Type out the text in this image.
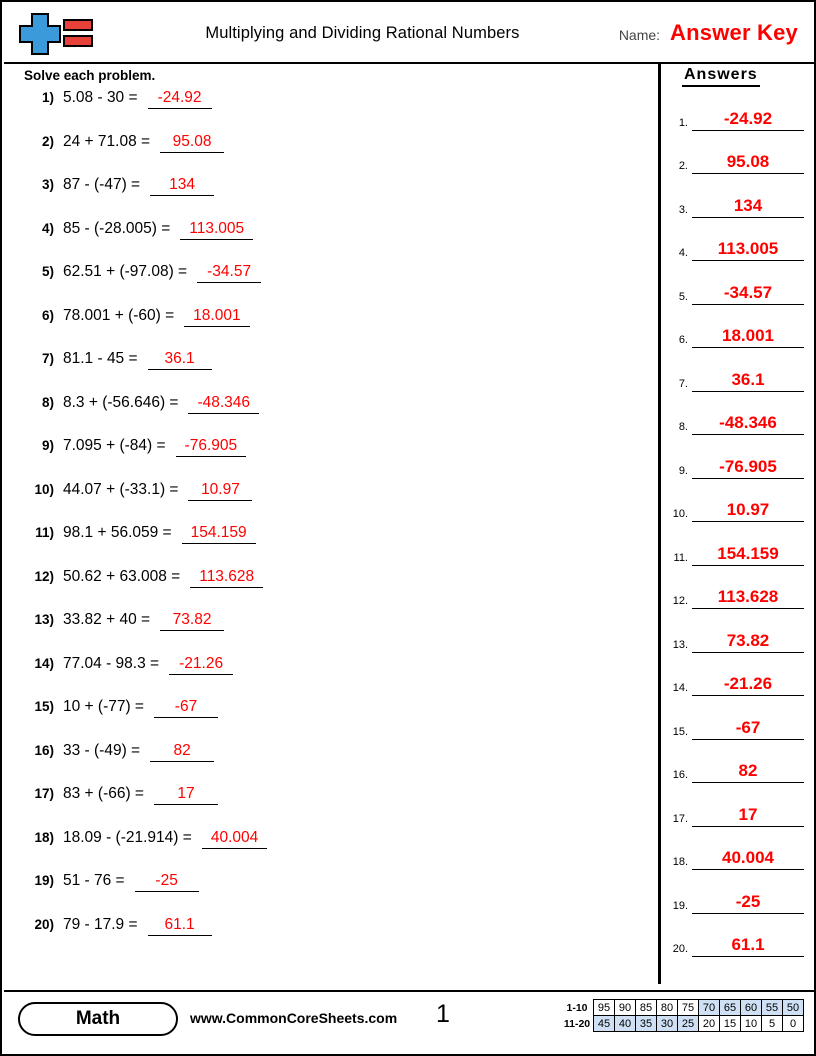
Multiplying and Dividing Rational Numbers	Name: Answer Key
Solve each problem.
1) 5.08 - 30 =	-24.92
2) 24 + 71.08 =	95.08
3) 87 - (-47) =	134
4) 85 - (-28.005) =	113.005
5) 62.51 + (-97.08) =	-34.57
6) 78.001 + (-60) =	18.001
7) 81.1 - 45 =	36.1
8) 8.3 + (-56.646) =	-48.346
9) 7.095 + (-84) =	-76.905
10) 44.07 + (-33.1) =	10.97
11) 98.1 + 56.059 =	154.159
12) 50.62 + 63.008 =	113.628
13) 33.82 + 40 =	73.82
14) 77.04 - 98.3 =	-21.26
15) 10 + (-77) =	-67
16) 33 - (-49) =	82
17) 83 + (-66) =	17
18) 18.09 - (-21.914) =	40.004
19) 51 - 76 =	-25
20) 79 - 17.9 =	61.1
Answers
1.	-24.92
2.	95.08
3.	134
4.	113.005
5.	-34.57
6.	18.001
7.	36.1
8.	-48.346
9.	-76.905
10.	10.97
11.	154.159
12.	113.628
13.	73.82
14.	-21.26
15.	-67
16.	82
17.	17
18.	40.004
19.	-25
20.	61.1
Math	www.CommonCoreSheets.com 1	1-10 95 90 85 80 75 70 65 60 55 50
11-20 45 40 35 30 25 20 15 10	5	0
